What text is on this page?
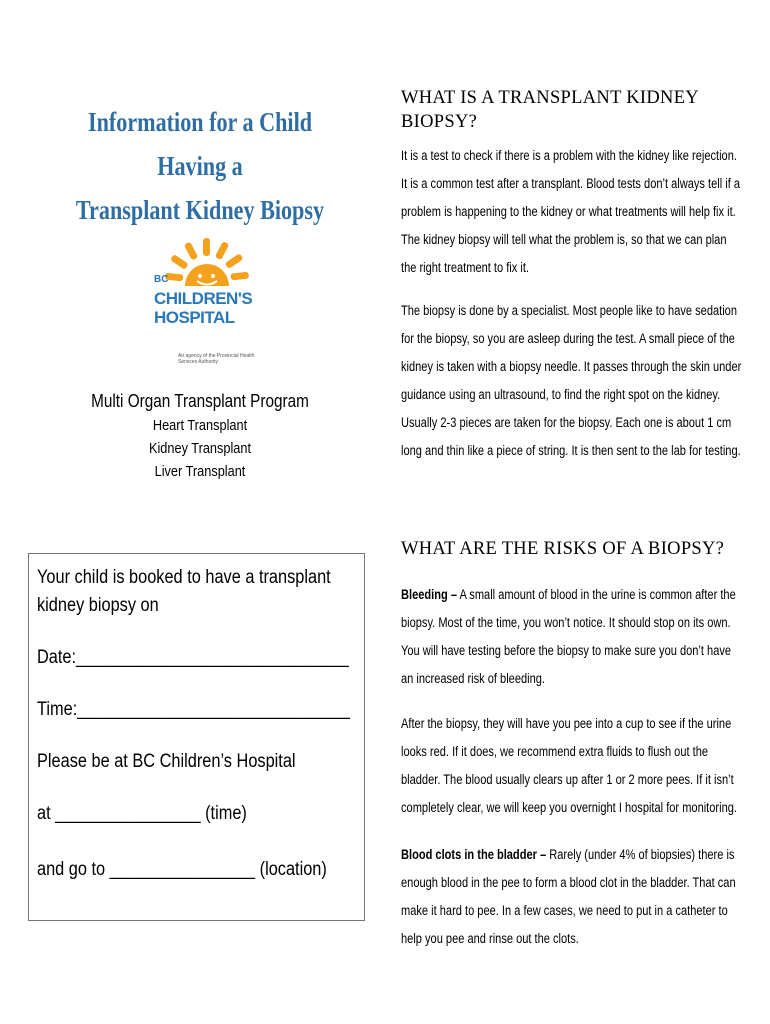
Information for a Child Having a
Transplant Kidney Biopsy
BC
CHILDREN'S
HOSPITAL
An agency of the Provincial Health Services Authority
Multi Organ Transplant Program
Heart Transplant
Kidney Transplant
Liver Transplant
Your child is booked to have a transplant
kidney biopsy on
Date:______________________________
Time:______________________________
Please be at BC Children’s Hospital
at ________________ (time)
and go to ________________ (location)
WHAT IS A TRANSPLANT KIDNEY
BIOPSY?
It is a test to check if there is a problem with the kidney like rejection.
It is a common test after a transplant. Blood tests don’t always tell if a
problem is happening to the kidney or what treatments will help fix it.
The kidney biopsy will tell what the problem is, so that we can plan
the right treatment to fix it.
The biopsy is done by a specialist. Most people like to have sedation
for the biopsy, so you are asleep during the test. A small piece of the
kidney is taken with a biopsy needle. It passes through the skin under
guidance using an ultrasound, to find the right spot on the kidney.
Usually 2-3 pieces are taken for the biopsy. Each one is about 1 cm
long and thin like a piece of string. It is then sent to the lab for testing.
WHAT ARE THE RISKS OF A BIOPSY?
Bleeding – A small amount of blood in the urine is common after the
biopsy. Most of the time, you won’t notice. It should stop on its own.
You will have testing before the biopsy to make sure you don’t have
an increased risk of bleeding.
After the biopsy, they will have you pee into a cup to see if the urine
looks red. If it does, we recommend extra fluids to flush out the
bladder. The blood usually clears up after 1 or 2 more pees. If it isn’t
completely clear, we will keep you overnight I hospital for monitoring.
Blood clots in the bladder – Rarely (under 4% of biopsies) there is
enough blood in the pee to form a blood clot in the bladder. That can
make it hard to pee. In a few cases, we need to put in a catheter to
help you pee and rinse out the clots.
